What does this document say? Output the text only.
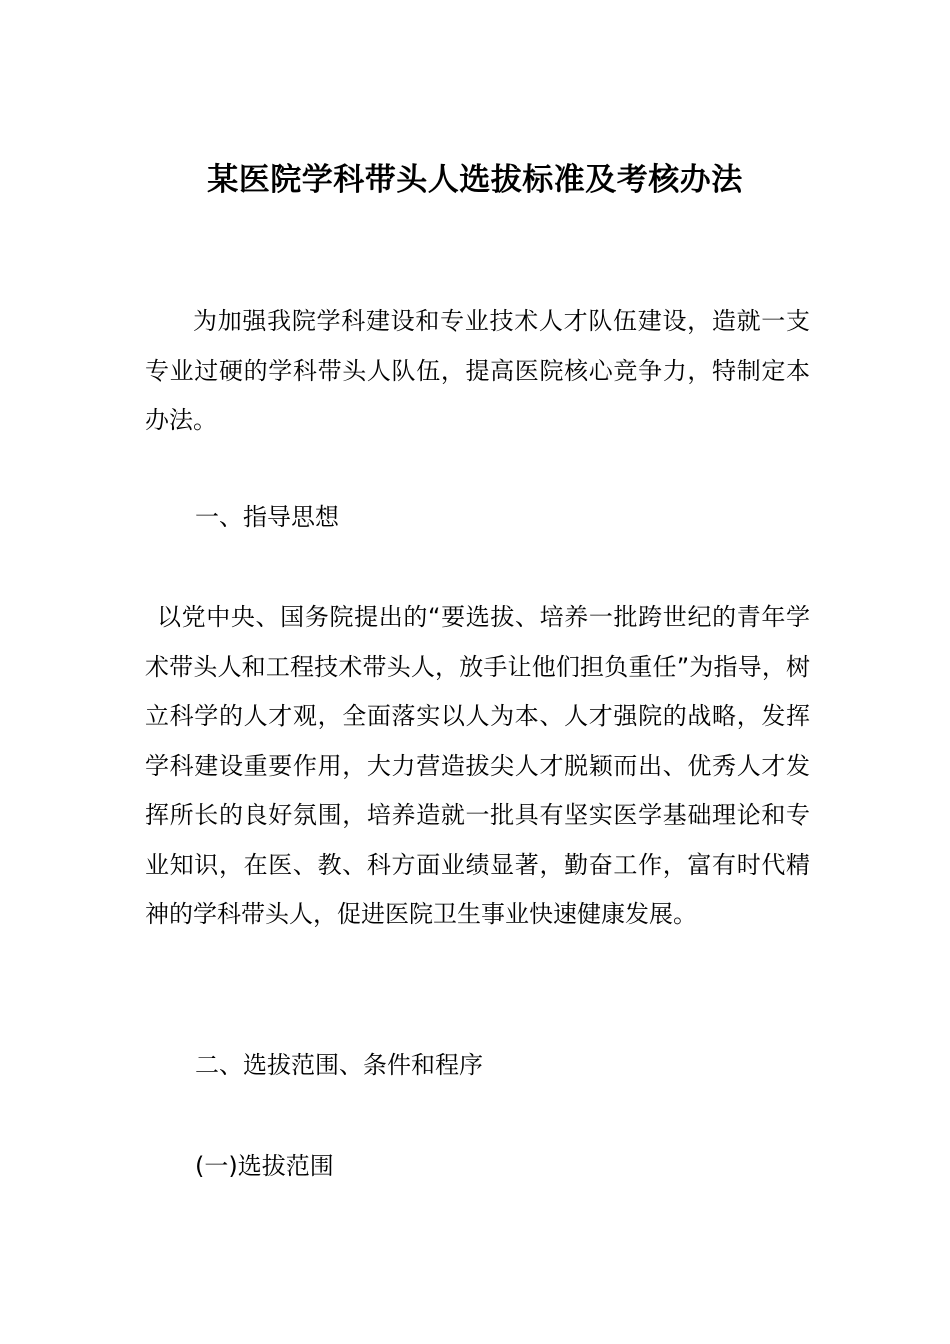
某医院学科带头人选拔标准及考核办法

为加强我院学科建设和专业技术人才队伍建设，造就一支专业过硬的学科带头人队伍，提高医院核心竞争力，特制定本办法。

一、指导思想

以党中央、国务院提出的“要选拔、培养一批跨世纪的青年学术带头人和工程技术带头人，放手让他们担负重任”为指导，树立科学的人才观，全面落实以人为本、人才强院的战略，发挥学科建设重要作用，大力营造拔尖人才脱颖而出、优秀人才发挥所长的良好氛围，培养造就一批具有坚实医学基础理论和专业知识，在医、教、科方面业绩显著，勤奋工作，富有时代精神的学科带头人，促进医院卫生事业快速健康发展。

二、选拔范围、条件和程序

(一)选拔范围
